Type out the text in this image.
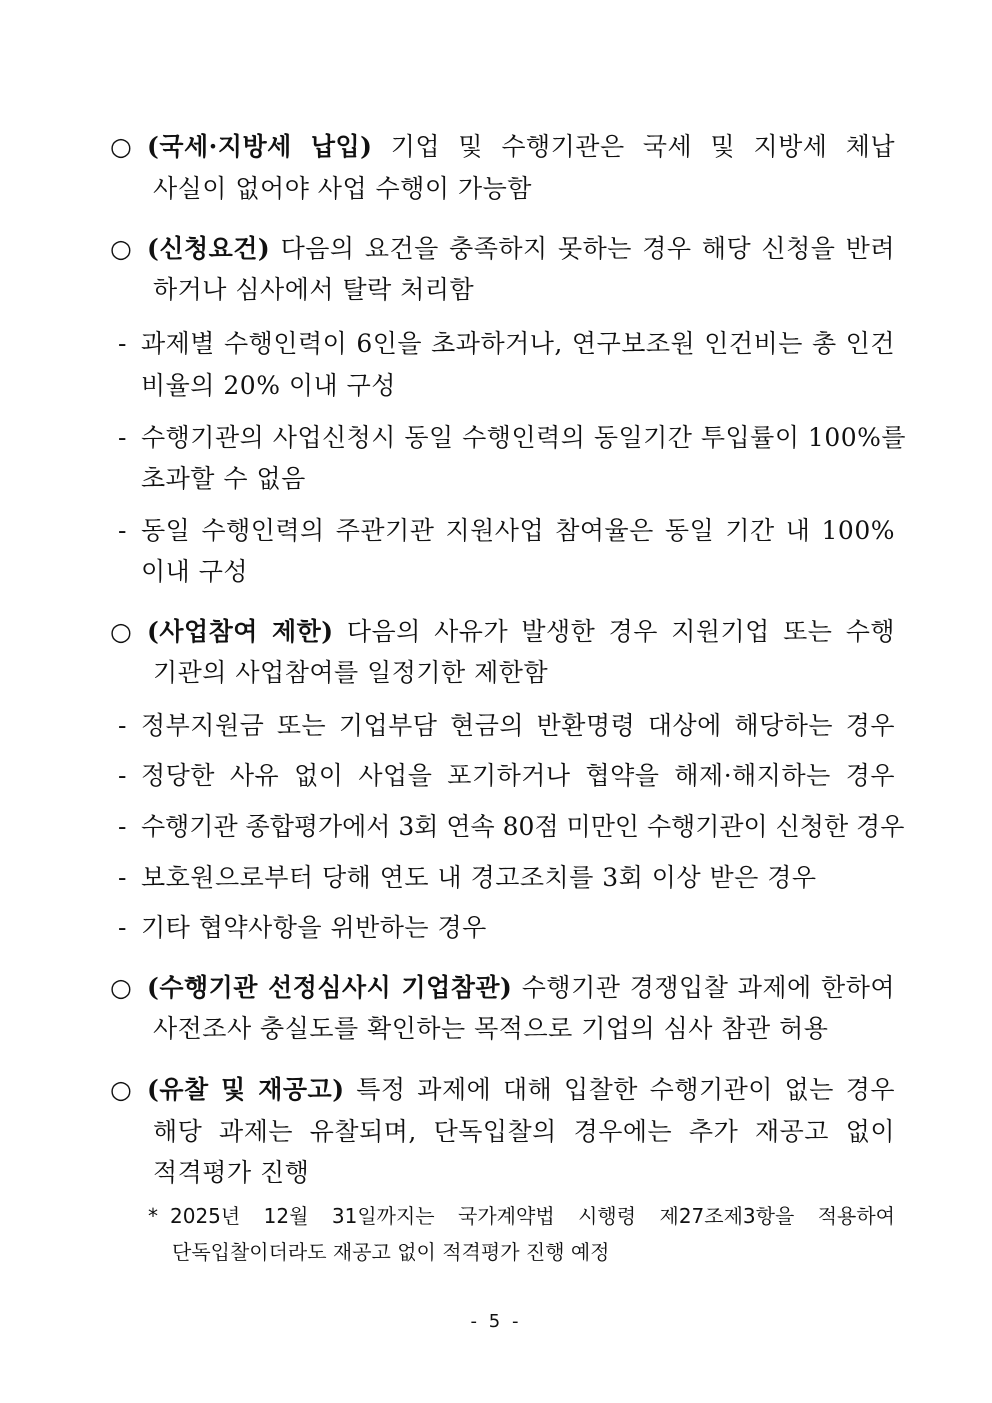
○ (국세·지방세 납입) 기업 및 수행기관은 국세 및 지방세 체납
사실이 없어야 사업 수행이 가능함
○ (신청요건) 다음의 요건을 충족하지 못하는 경우 해당 신청을 반려
하거나 심사에서 탈락 처리함
- 과제별 수행인력이 6인을 초과하거나, 연구보조원 인건비는 총 인건
비율의 20% 이내 구성
- 수행기관의 사업신청시 동일 수행인력의 동일기간 투입률이 100%를
초과할 수 없음
- 동일 수행인력의 주관기관 지원사업 참여율은 동일 기간 내 100%
이내 구성
○ (사업참여 제한) 다음의 사유가 발생한 경우 지원기업 또는 수행
기관의 사업참여를 일정기한 제한함
- 정부지원금 또는 기업부담 현금의 반환명령 대상에 해당하는 경우
- 정당한 사유 없이 사업을 포기하거나 협약을 해제·해지하는 경우
- 수행기관 종합평가에서 3회 연속 80점 미만인 수행기관이 신청한 경우
- 보호원으로부터 당해 연도 내 경고조치를 3회 이상 받은 경우
- 기타 협약사항을 위반하는 경우
○ (수행기관 선정심사시 기업참관) 수행기관 경쟁입찰 과제에 한하여
사전조사 충실도를 확인하는 목적으로 기업의 심사 참관 허용
○ (유찰 및 재공고) 특정 과제에 대해 입찰한 수행기관이 없는 경우
해당 과제는 유찰되며, 단독입찰의 경우에는 추가 재공고 없이
적격평가 진행
* 2025년 12월 31일까지는 국가계약법 시행령 제27조제3항을 적용하여
단독입찰이더라도 재공고 없이 적격평가 진행 예정
- 5 -
